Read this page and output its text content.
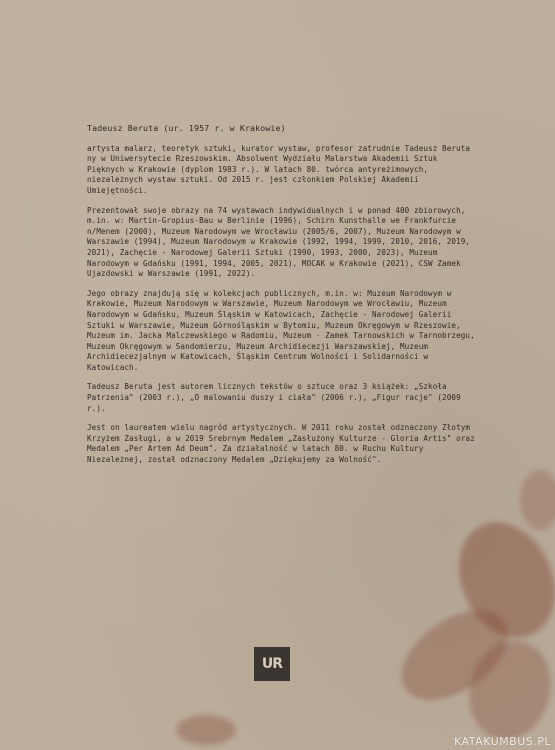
Tadeusz Beruta (ur. 1957 r. w Krakowie)

artysta malarz, teoretyk sztuki, kurator wystaw, profesor zatrudnie Tadeusz Beruta ny w Uniwersytecie Rzeszowskim. Absolwent Wydziału Malarstwa Akademii Sztuk Pięknych w Krakowie (dyplom 1983 r.). W latach 80. twórca antyreżimowych, niezależnych wystaw sztuki. Od 2015 r. jest członkiem Polskiej Akademii Umiejętności.

Prezentował swoje obrazy na 74 wystawach indywidualnych i w ponad 400 zbiorowych, m.in. w: Martin-Gropius-Bau w Berlinie (1996), Schirn Kunsthalle we Frankfurcie n/Menem (2000), Muzeum Narodowym we Wrocławiu (2005/6, 2007), Muzeum Narodowym w Warszawie (1994), Muzeum Narodowym w Krakowie (1992, 1994, 1999, 2010, 2016, 2019, 2021), Zachęcie - Narodowej Galerii Sztuki (1990, 1993, 2000, 2023), Muzeum Narodowym w Gdańsku (1991, 1994, 2005, 2021), MOCAK w Krakowie (2021), CSW Zamek Ujazdowski w Warszawie (1991, 2022).

Jego obrazy znajdują się w kolekcjach publicznych, m.in. w: Muzeum Narodowym w Krakowie, Muzeum Narodowym w Warszawie, Muzeum Narodowym we Wrocławiu, Muzeum Narodowym w Gdańsku, Muzeum Śląskim w Katowicach, Zachęcie - Narodowej Galerii Sztuki w Warszawie, Muzeum Górnośląskim w Bytomiu, Muzeum Okręgowym w Rzeszowie, Muzeum im. Jacka Malczewskiego w Radomiu, Muzeum - Zamek Tarnowskich w Tarnobrzegu, Muzeum Okręgowym w Sandomierzu, Muzeum Archidiecezji Warszawskiej, Muzeum Archidiecezjalnym w Katowicach, Śląskim Centrum Wolności i Solidarności w Katowicach.

Tadeusz Beruta jest autorem licznych tekstów o sztuce oraz 3 książek: „Szkoła Patrzenia" (2003 r.), „O malowaniu duszy i ciała" (2006 r.), „Figur racje" (2009 r.).

Jest on laureatem wielu nagród artystycznych. W 2011 roku został odznaczony Złotym Krzyżem Zasługi, a w 2019 Srebrnym Medalem „Zasłużony Kulturze - Gloria Artis" oraz Medalem „Per Artem Ad Deum". Za działalność w latach 80. w Ruchu Kultury Niezależnej, został odznaczony Medalem „Dziękujemy za Wolność".

UR
KATAKUMBUS.PL
